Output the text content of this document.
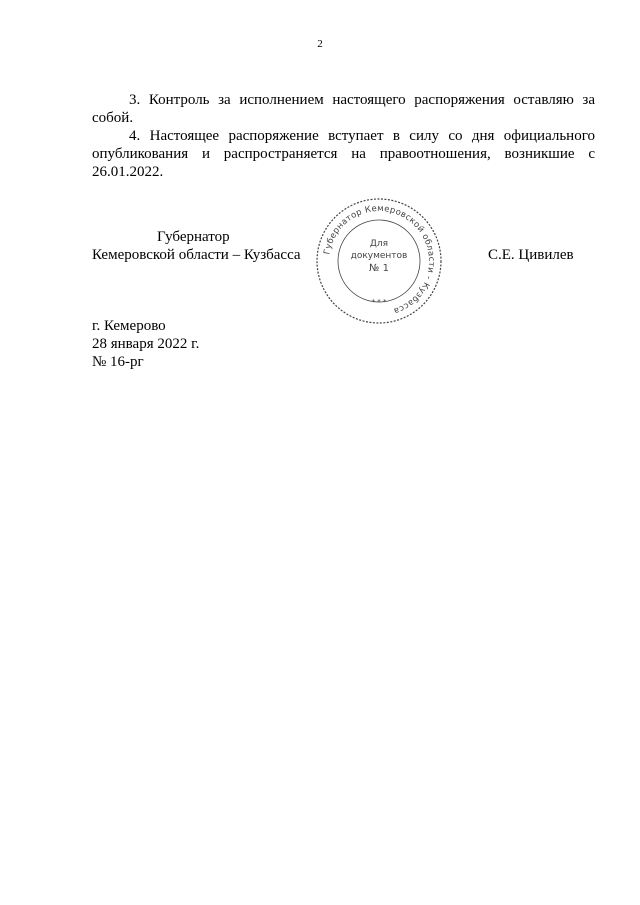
2

3. Контроль за исполнением настоящего распоряжения оставляю за собой.

4. Настоящее распоряжение вступает в силу со дня официального опубликования и распространяется на правоотношения, возникшие с 26.01.2022.

Губернатор
Кемеровской области – Кузбасса	Губернатор Кемеровской области - Кузбасса
Для
документов
№ 1
* * *
С.Е. Цивилев
г. Кемерово
28 января 2022 г.
№ 16-рг
